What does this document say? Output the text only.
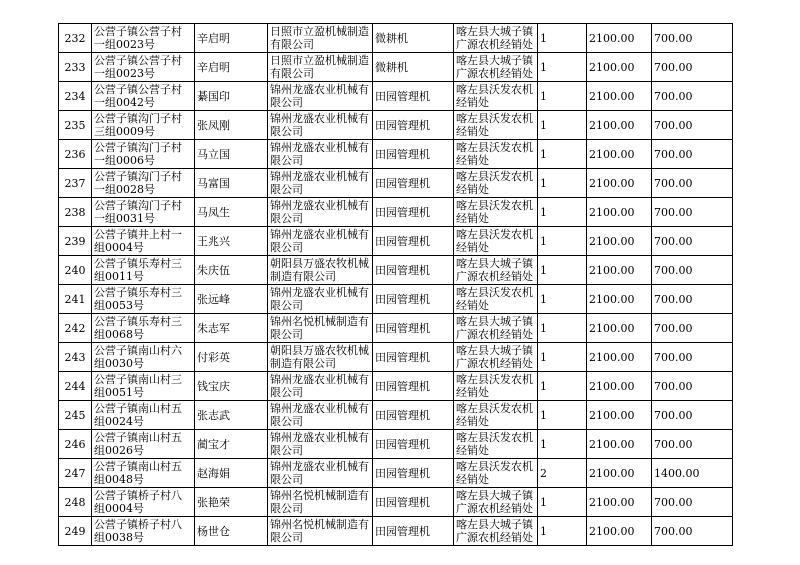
232	公营子镇公营子村一组0023号	辛启明	日照市立盈机械制造有限公司	微耕机	喀左县大城子镇广源农机经销处	1	2100.00	700.00
233	公营子镇公营子村一组0023号	辛启明	日照市立盈机械制造有限公司	微耕机	喀左县大城子镇广源农机经销处	1	2100.00	700.00
234	公营子镇公营子村一组0042号	綦国印	锦州龙盛农业机械有限公司	田园管理机	喀左县沃发农机经销处	1	2100.00	700.00
235	公营子镇沟门子村三组0009号	张凤刚	锦州龙盛农业机械有限公司	田园管理机	喀左县沃发农机经销处	1	2100.00	700.00
236	公营子镇沟门子村一组0006号	马立国	锦州龙盛农业机械有限公司	田园管理机	喀左县沃发农机经销处	1	2100.00	700.00
237	公营子镇沟门子村一组0028号	马富国	锦州龙盛农业机械有限公司	田园管理机	喀左县沃发农机经销处	1	2100.00	700.00
238	公营子镇沟门子村一组0031号	马凤生	锦州龙盛农业机械有限公司	田园管理机	喀左县沃发农机经销处	1	2100.00	700.00
239	公营子镇井上村一组0004号	王兆兴	锦州龙盛农业机械有限公司	田园管理机	喀左县沃发农机经销处	1	2100.00	700.00
240	公营子镇乐寿村三组0011号	朱庆伍	朝阳县万盛农牧机械制造有限公司	田园管理机	喀左县大城子镇广源农机经销处	1	2100.00	700.00
241	公营子镇乐寿村三组0053号	张远峰	锦州龙盛农业机械有限公司	田园管理机	喀左县沃发农机经销处	1	2100.00	700.00
242	公营子镇乐寿村三组0068号	朱志军	锦州名悦机械制造有限公司	田园管理机	喀左县大城子镇广源农机经销处	1	2100.00	700.00
243	公营子镇南山村六组0030号	付彩英	朝阳县万盛农牧机械制造有限公司	田园管理机	喀左县大城子镇广源农机经销处	1	2100.00	700.00
244	公营子镇南山村三组0051号	钱宝庆	锦州龙盛农业机械有限公司	田园管理机	喀左县沃发农机经销处	1	2100.00	700.00
245	公营子镇南山村五组0024号	张志武	锦州龙盛农业机械有限公司	田园管理机	喀左县沃发农机经销处	1	2100.00	700.00
246	公营子镇南山村五组0026号	蔺宝才	锦州龙盛农业机械有限公司	田园管理机	喀左县沃发农机经销处	1	2100.00	700.00
247	公营子镇南山村五组0048号	赵海娟	锦州龙盛农业机械有限公司	田园管理机	喀左县沃发农机经销处	2	2100.00	1400.00
248	公营子镇桥子村八组0004号	张艳荣	锦州名悦机械制造有限公司	田园管理机	喀左县大城子镇广源农机经销处	1	2100.00	700.00
249	公营子镇桥子村八组0038号	杨世仓	锦州名悦机械制造有限公司	田园管理机	喀左县大城子镇广源农机经销处	1	2100.00	700.00
